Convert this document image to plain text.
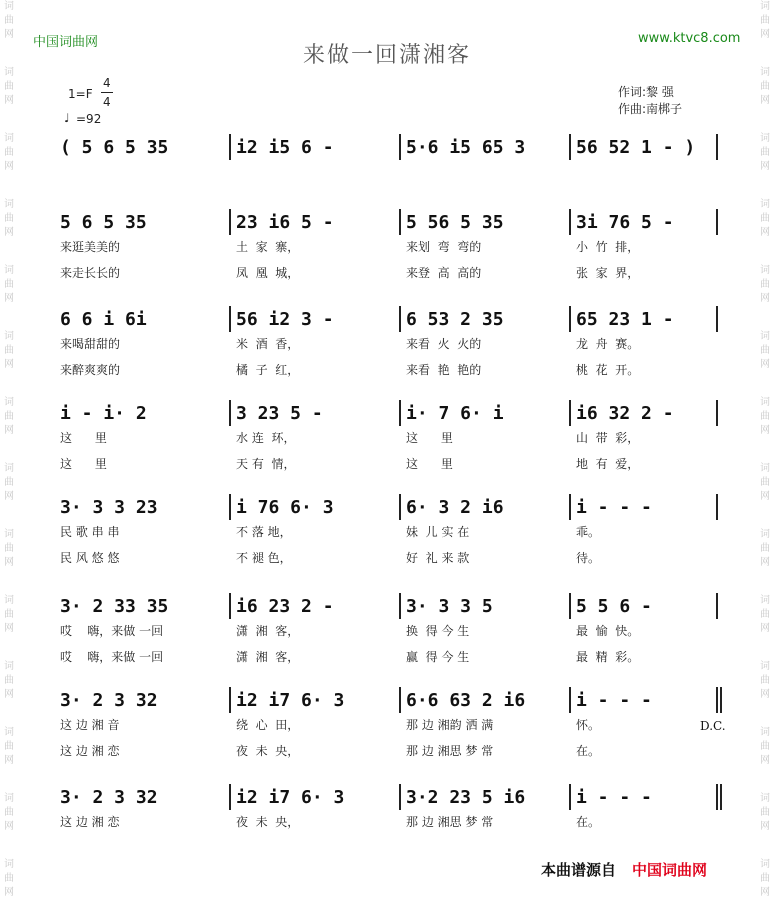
词曲网
词曲网
词曲网
词曲网
词曲网
词曲网
词曲网
词曲网
词曲网
词曲网
词曲网
词曲网
词曲网
词曲网
词曲网
词曲网
词曲网
词曲网
词曲网
词曲网
词曲网
词曲网
词曲网
词曲网
词曲网
词曲网
词曲网
词曲网
中国词曲网	www.ktvc8.com
来做一回潇湘客
1=F
4
4
♩ =92
作词:黎 强
作曲:南梆子
( 5 6 5 35	i2 i5 6 -	5·6 i5 65 3	56 52 1 - )
5 6 5 35	23 i6 5 -	5 56 5 35	3i 76 5 -
来逛美美的	土  家  寨，	来划  弯  弯的	小  竹  排，
来走长长的	凤  凰  城，	来登  高  高的	张  家  界，
6 6 i 6i	56 i2 3 -	6 53 2 35	65 23 1 -
来喝甜甜的	米  酒  香，	来看  火  火的	龙  舟  赛。
来醉爽爽的	橘  子  红，	来看  艳  艳的	桃  花  开。
i - i· 2	3 23 5 -	i· 7 6· i	i6 32 2 -
这      里	水 连  环，	这      里	山  带  彩，
这      里	天 有  情，	这      里	地  有  爱，
3· 3 3 23	i 76 6· 3	6· 3 2 i6	i - - -
民 歌 串 串	不 落 地，	妹  儿 实 在	乖。
民 风 悠 悠	不 褪 色，	好  礼 来 款	待。
3· 2 33 35	i6 23 2 -	3· 3 3 5	5 5 6 -
哎    嗨，来做 一回	潇  湘  客，	换  得 今 生	最  愉  快。
哎    嗨，来做 一回	潇  湘  客，	赢  得 今 生	最  精  彩。
3· 2 3 32	i2 i7 6· 3	6·6 63 2 i6	i - - -
这 边 湘 音	绕  心  田，	那 边 湘韵 洒 满	怀。
这 边 湘 恋	夜  未  央，	那 边 湘思 梦 常	在。
3· 2 3 32	i2 i7 6· 3	3·2 23 5 i6	i - - -
这 边 湘 恋	夜  未  央，	那 边 湘思 梦 常	在。
D.C.
本曲谱源自 中国词曲网
